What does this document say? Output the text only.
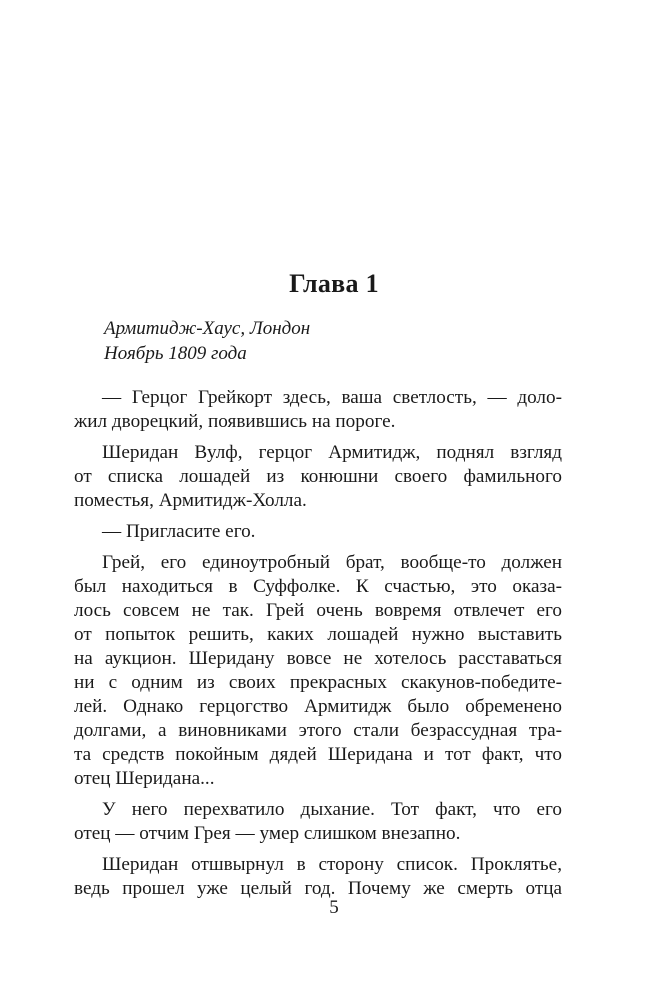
Глава 1
Армитидж-Хаус, Лондон
Ноябрь 1809 года
— Герцог Грейкорт здесь, ваша светлость, — доло-
жил дворецкий, появившись на пороге.
Шеридан Вулф, герцог Армитидж, поднял взгляд
от списка лошадей из конюшни своего фамильного
поместья, Армитидж-Холла.
— Пригласите его.
Грей, его единоутробный брат, вообще-то должен
был находиться в Суффолке. К счастью, это оказа-
лось совсем не так. Грей очень вовремя отвлечет его
от попыток решить, каких лошадей нужно выставить
на аукцион. Шеридану вовсе не хотелось расставаться
ни с одним из своих прекрасных скакунов-победите-
лей. Однако герцогство Армитидж было обременено
долгами, а виновниками этого стали безрассудная тра-
та средств покойным дядей Шеридана и тот факт, что
отец Шеридана...
У него перехватило дыхание. Тот факт, что его
отец — отчим Грея — умер слишком внезапно.
Шеридан отшвырнул в сторону список. Проклятье,
ведь прошел уже целый год. Почему же смерть отца
5
